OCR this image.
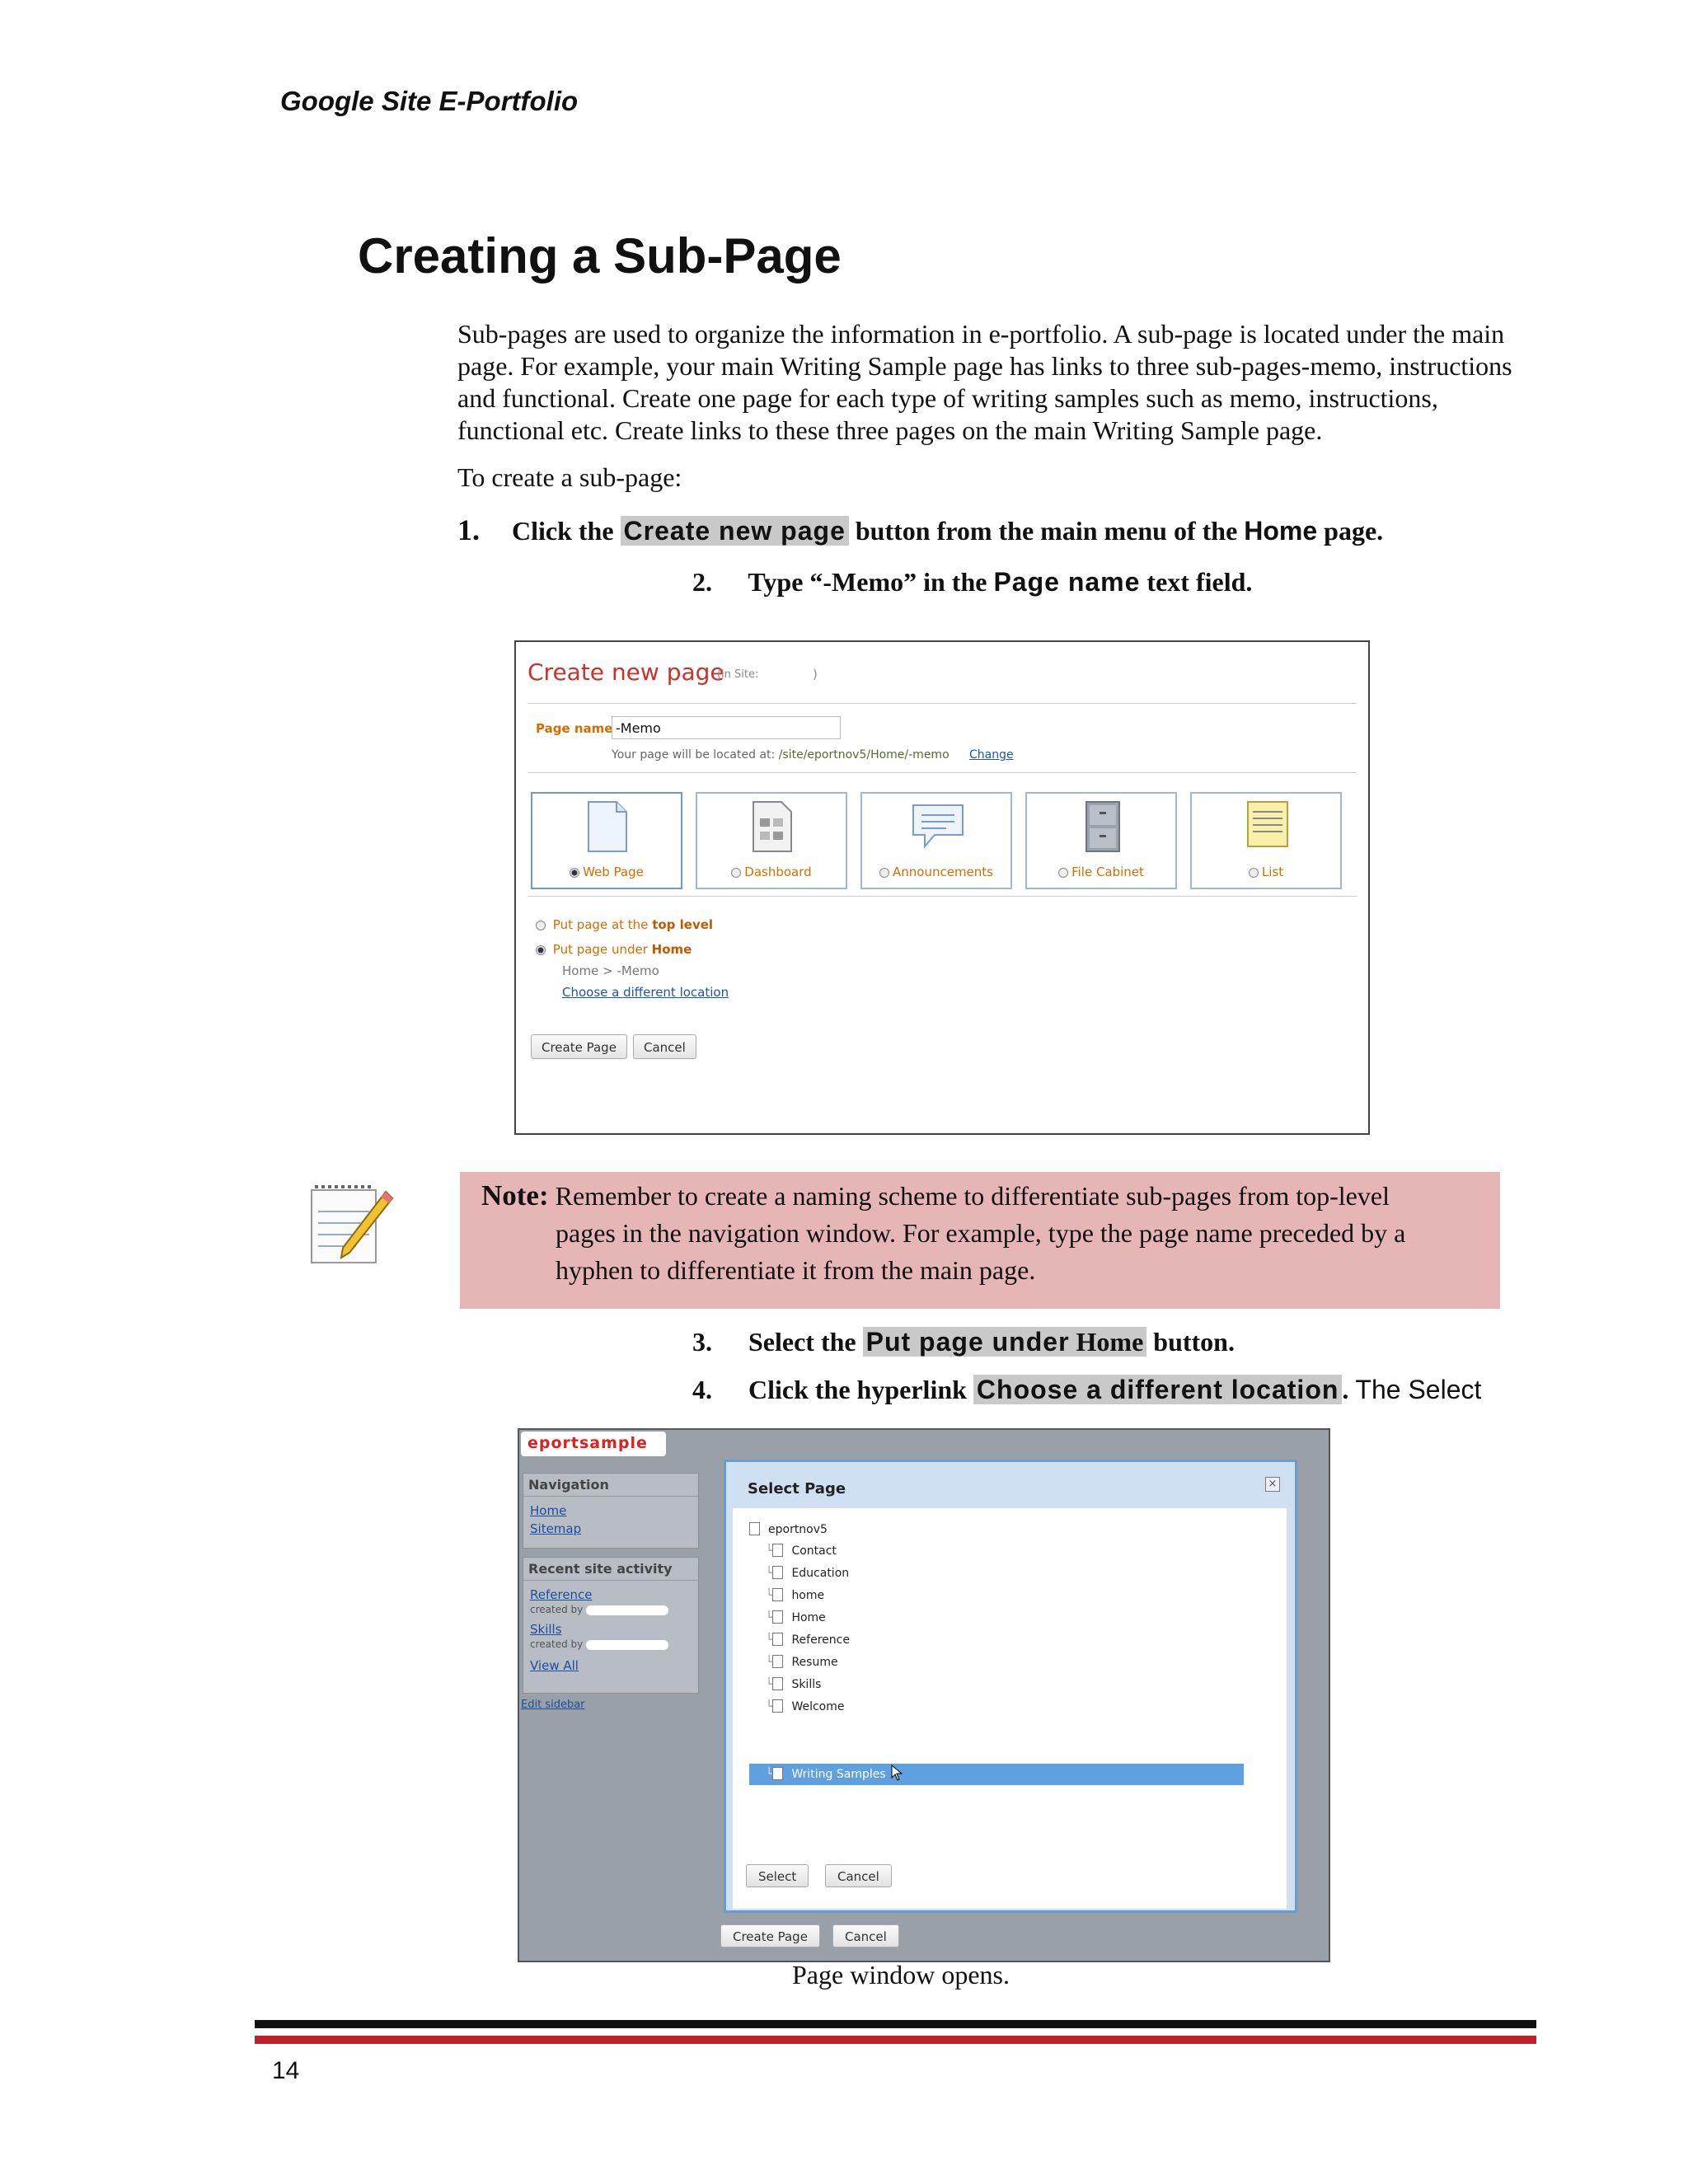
Google Site E-Portfolio
Creating a Sub-Page
Sub-pages are used to organize the information in e-portfolio. A sub-page is located under the main page. For example, your main Writing Sample page has links to three sub-pages-memo, instructions and functional. Create one page for each type of writing samples such as memo, instructions, functional etc. Create links to these three pages on the main Writing Sample page.
To create a sub-page:
1. Click the Create new page button from the main menu of the Home page.
2. Type “-Memo” in the Page name text field.
Create new page
(in Site:	)
Page name -Memo
Your page will be located at: /site/eportnov5/Home/-memo Change
Web Page	Dashboard	Announcements	File Cabinet	List
Put page at the top level
Put page under Home
Home > -Memo
Choose a different location
Create Page	Cancel
Note: Remember to create a naming scheme to differentiate sub-pages from top-level
pages in the navigation window. For example, type the page name preceded by a hyphen to differentiate it from the main page.
3. Select the Put page under Home button.
4. Click the hyperlink Choose a different location . The Select
eportsample
Navigation
Home
Sitemap
Recent site activity
Reference
created by
Skills
created by
View All
Edit sidebar
Select Page	×
eportnov5
└ Contact
└ Education
└ home
└ Home
└ Reference
└ Resume
└ Skills
└ Welcome
└ Writing Samples
Select	Cancel
Create Page	Cancel
Page window opens.
14
